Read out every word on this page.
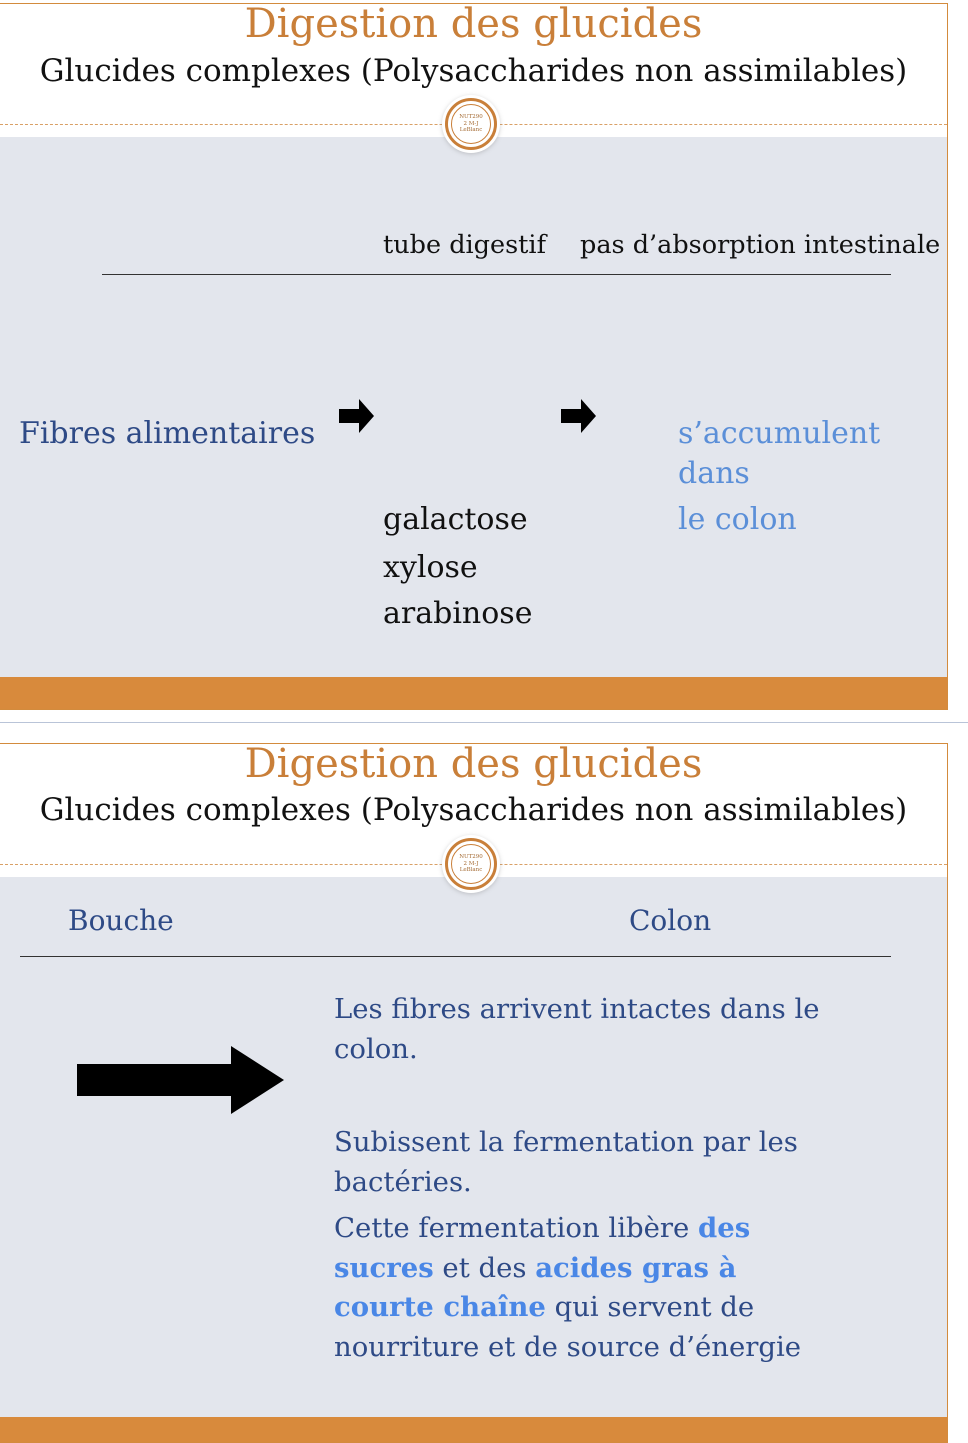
Digestion des glucides
Glucides complexes (Polysaccharides non assimilables)
NUT290
2 M-J
LeBlanc
tube digestif pas d’absorption intestinale
Fibres alimentaires
galactose
xylose
arabinose
s’accumulent
dans
le colon
Digestion des glucides
Glucides complexes (Polysaccharides non assimilables)
NUT290
2 M-J
LeBlanc
Bouche	Colon
Les fibres arrivent intactes dans le colon.
Subissent la fermentation par les bactéries.
Cette fermentation libère des sucres et des acides gras à courte chaîne qui servent de nourriture et de source d’énergie
